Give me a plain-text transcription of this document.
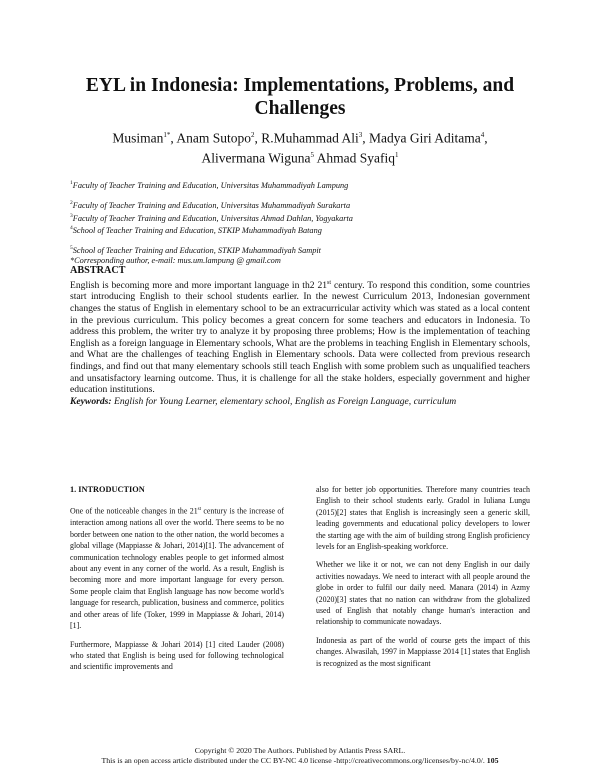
EYL in Indonesia: Implementations, Problems, and Challenges
Musiman$^{1*}$, Anam Sutopo$^2$, R.Muhammad Ali$^3$, Madya Giri Aditama$^4$,
Alivermana Wiguna$^5$ Ahmad Syafiq$^1$
$^1$Faculty of Teacher Training and Education, Universitas Muhammadiyah Lampung
$^2$Faculty of Teacher Training and Education, Universitas Muhammadiyah Surakarta
$^3$Faculty of Teacher Training and Education, Universitas Ahmad Dahlan, Yogyakarta
$^4$School of Teacher Training and Education, STKIP Muhammadiyah Batang
$^5$School of Teacher Training and Education, STKIP Muhammadiyah Sampit
*Corresponding author, e-mail: mus.um.lampung @ gmail.com
ABSTRACT
English is becoming more and more important language in th2 21st century. To respond this condition, some countries start introducing English to their school students earlier. In the newest Curriculum 2013, Indonesian government changes the status of English in elementary school to be an extracurricular activity which was stated as a local content in the previous curriculum. This policy becomes a great concern for some teachers and educators in Indonesia. To address this problem, the writer try to analyze it by proposing three problems; How is the implementation of teaching English as a foreign language in Elementary schools, What are the problems in teaching English in Elementary schools, and What are the challenges of teaching English in Elementary schools. Data were collected from previous research findings, and find out that many elementary schools still teach English with some problem such as unqualified teachers and unsatisfactory learning outcome. Thus, it is challenge for all the stake holders, especially government and higher education institutions.
Keywords: English for Young Learner, elementary school, English as Foreign Language, curriculum

1. INTRODUCTION

One of the noticeable changes in the 21st century is the increase of interaction among nations all over the world. There seems to be no border between one nation to the other nation, the world becomes a global village (Mappiasse & Johari, 2014)[1]. The advancement of communication technology enables people to get informed almost about any event in any corner of the world. As a result, English is becoming more and more important language for every person. Some people claim that English language has now become world's language for research, publication, business and commerce, politics and other areas of life (Toker, 1999 in Mappiasse & Johari, 2014)[1].

Furthermore, Mappiasse & Johari 2014) [1] cited Lauder (2008) who stated that English is being used for following technological and scientific improvements and

also for better job opportunities. Therefore many countries teach English to their school students early. Gradol in Iuliana Lungu (2015)[2] states that English is increasingly seen a generic skill, leading governments and educational policy developers to lower the starting age with the aim of building strong English proficiency levels for an English-speaking workforce.

Whether we like it or not, we can not deny English in our daily activities nowadays. We need to interact with all people around the globe in order to fulfil our daily need. Manara (2014) in Azmy (2020)[3] states that no nation can withdraw from the globalized used of English that notably change human's interaction and relationship to communicate nowadays.

Indonesia as part of the world of course gets the impact of this changes. Alwasilah, 1997 in Mappiasse 2014 [1] states that English is recognized as the most significant

Copyright © 2020 The Authors. Published by Atlantis Press SARL.
This is an open access article distributed under the CC BY-NC 4.0 license -http://creativecommons.org/licenses/by-nc/4.0/. 105
